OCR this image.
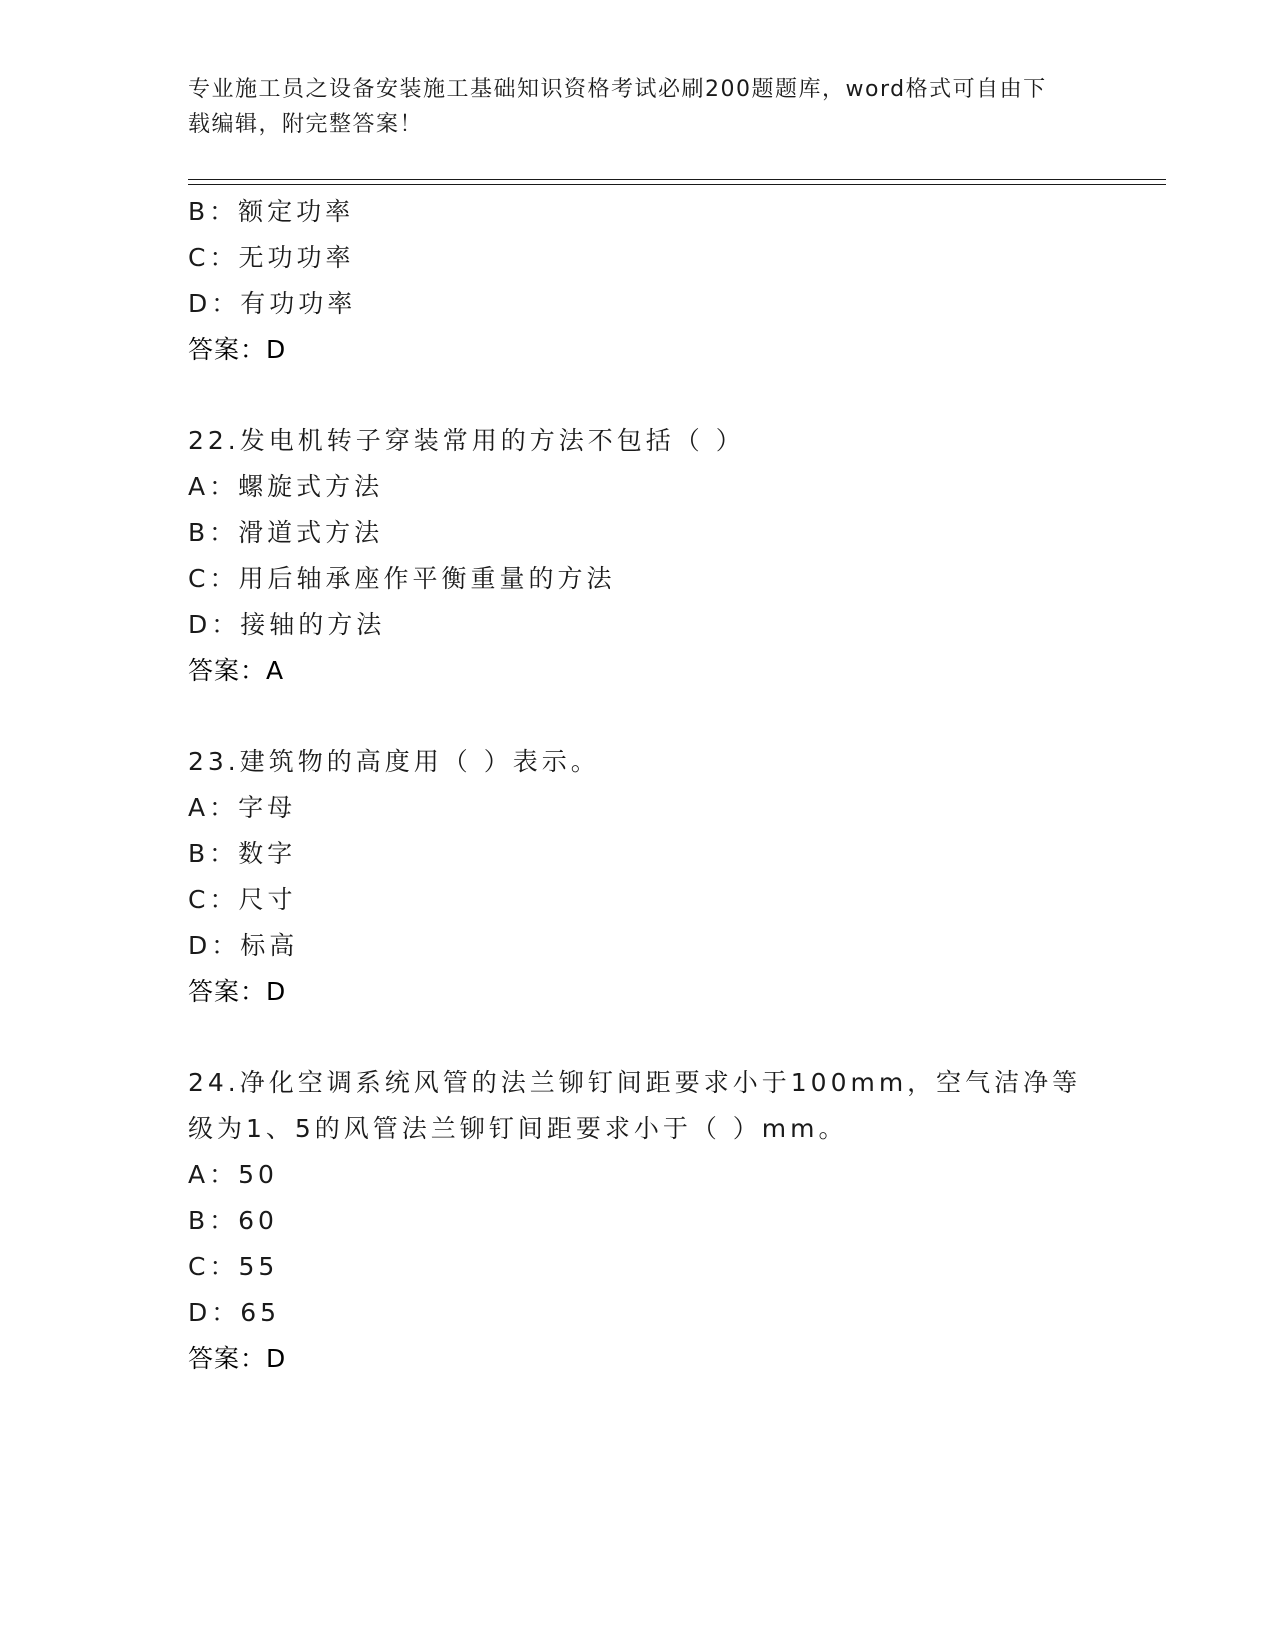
专业施工员之设备安装施工基础知识资格考试必刷200题题库，word格式可自由下载编辑，附完整答案！
B：额定功率
C：无功功率
D：有功功率
答案：D
22.发电机转子穿装常用的方法不包括（ ）
A：螺旋式方法
B：滑道式方法
C：用后轴承座作平衡重量的方法
D：接轴的方法
答案：A
23.建筑物的高度用（ ）表示。
A：字母
B：数字
C：尺寸
D：标高
答案：D
24.净化空调系统风管的法兰铆钉间距要求小于100mm，空气洁净等级为1、5的风管法兰铆钉间距要求小于（ ）mm。
A：50
B：60
C：55
D：65
答案：D
